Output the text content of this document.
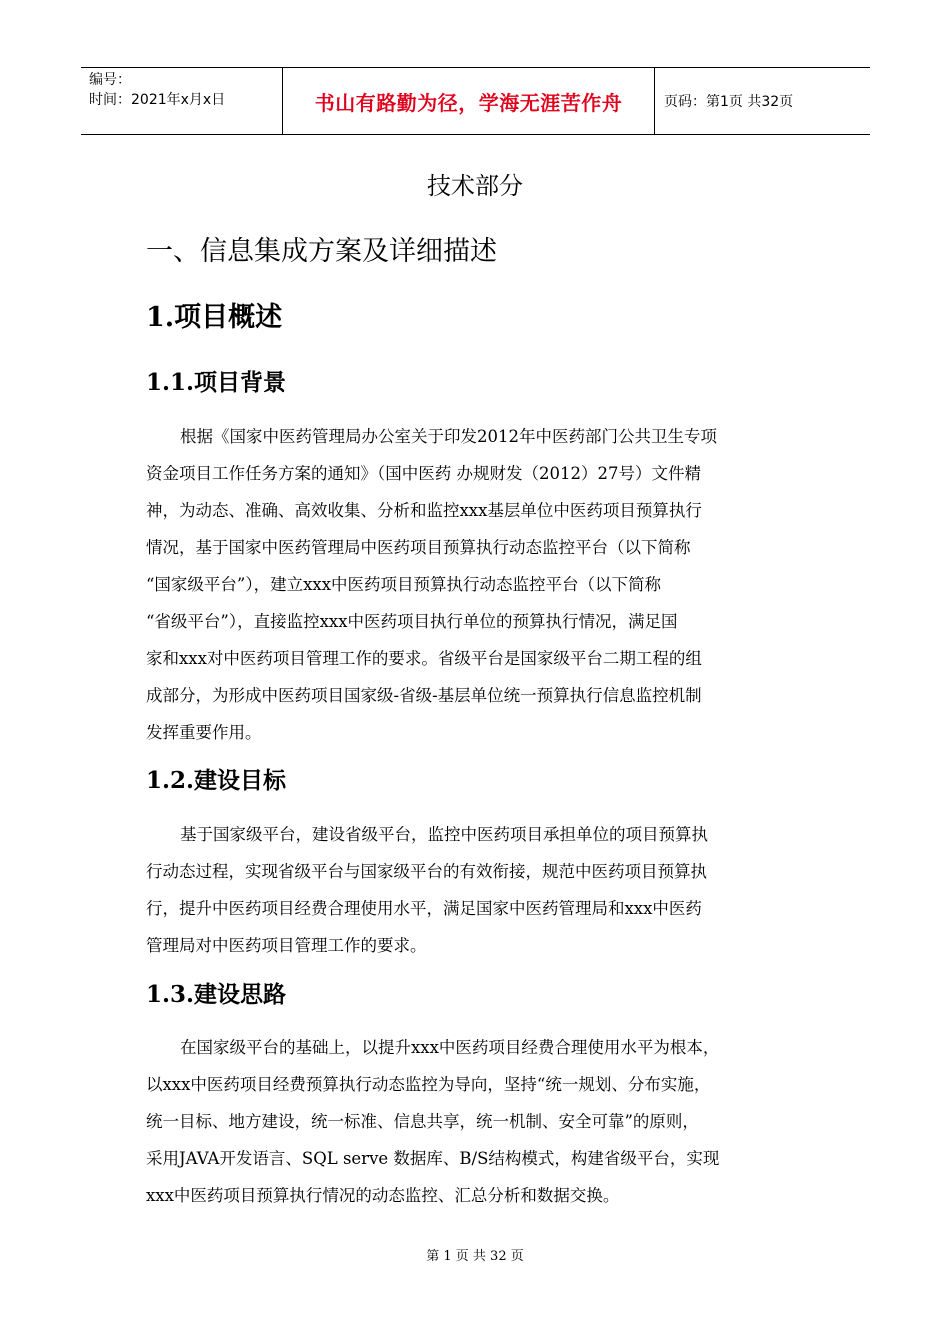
编号：
时间：2021年x月x日	书山有路勤为径，学海无涯苦作舟	页码：第1页 共32页
技术部分
一、信息集成方案及详细描述
1.项目概述
1.1.项目背景
根据《国家中医药管理局办公室关于印发2012年中医药部门公共卫生专项
资金项目工作任务方案的通知》（国中医药 办规财发（2012）27号）文件精
神，为动态、准确、高效收集、分析和监控xxx基层单位中医药项目预算执行
情况，基于国家中医药管理局中医药项目预算执行动态监控平台（以下简称
“国家级平台”），建立xxx中医药项目预算执行动态监控平台（以下简称
“省级平台”），直接监控xxx中医药项目执行单位的预算执行情况，满足国
家和xxx对中医药项目管理工作的要求。省级平台是国家级平台二期工程的组
成部分，为形成中医药项目国家级-省级-基层单位统一预算执行信息监控机制
发挥重要作用。
1.2.建设目标
基于国家级平台，建设省级平台，监控中医药项目承担单位的项目预算执
行动态过程，实现省级平台与国家级平台的有效衔接，规范中医药项目预算执
行，提升中医药项目经费合理使用水平，满足国家中医药管理局和xxx中医药
管理局对中医药项目管理工作的要求。
1.3.建设思路
在国家级平台的基础上，以提升xxx中医药项目经费合理使用水平为根本，
以xxx中医药项目经费预算执行动态监控为导向，坚持“统一规划、分布实施，
统一目标、地方建设，统一标准、信息共享，统一机制、安全可靠”的原则，
采用JAVA开发语言、SQL serve 数据库、B/S结构模式，构建省级平台，实现
xxx中医药项目预算执行情况的动态监控、汇总分析和数据交换。
第 1 页 共 32 页
